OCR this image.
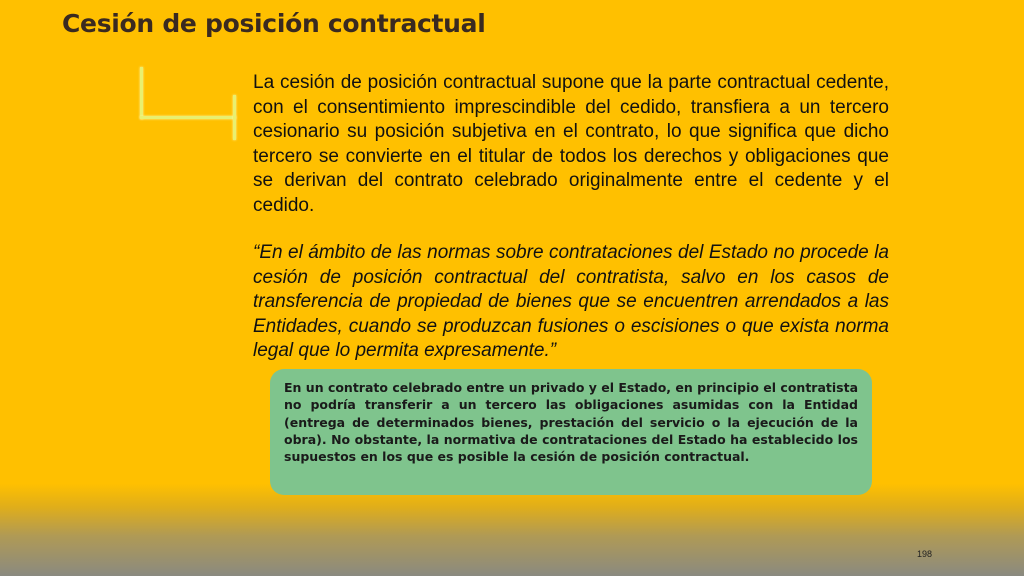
Cesión de posición contractual

La cesión de posición contractual supone que la parte contractual cedente, con el consentimiento imprescindible del cedido, transfiera a un tercero cesionario su posición subjetiva en el contrato, lo que significa que dicho tercero se convierte en el titular de todos los derechos y obligaciones que se derivan del contrato celebrado originalmente entre el cedente y el cedido.

“En el ámbito de las normas sobre contrataciones del Estado no procede la cesión de posición contractual del contratista, salvo en los casos de transferencia de propiedad de bienes que se encuentren arrendados a las Entidades, cuando se produzcan fusiones o escisiones o que exista norma legal que lo permita expresamente.”

En un contrato celebrado entre un privado y el Estado, en principio el contratista no podría transferir a un tercero las obligaciones asumidas con la Entidad (entrega de determinados bienes, prestación del servicio o la ejecución de la obra). No obstante, la normativa de contrataciones del Estado ha establecido los supuestos en los que es posible la cesión de posición contractual.

198
